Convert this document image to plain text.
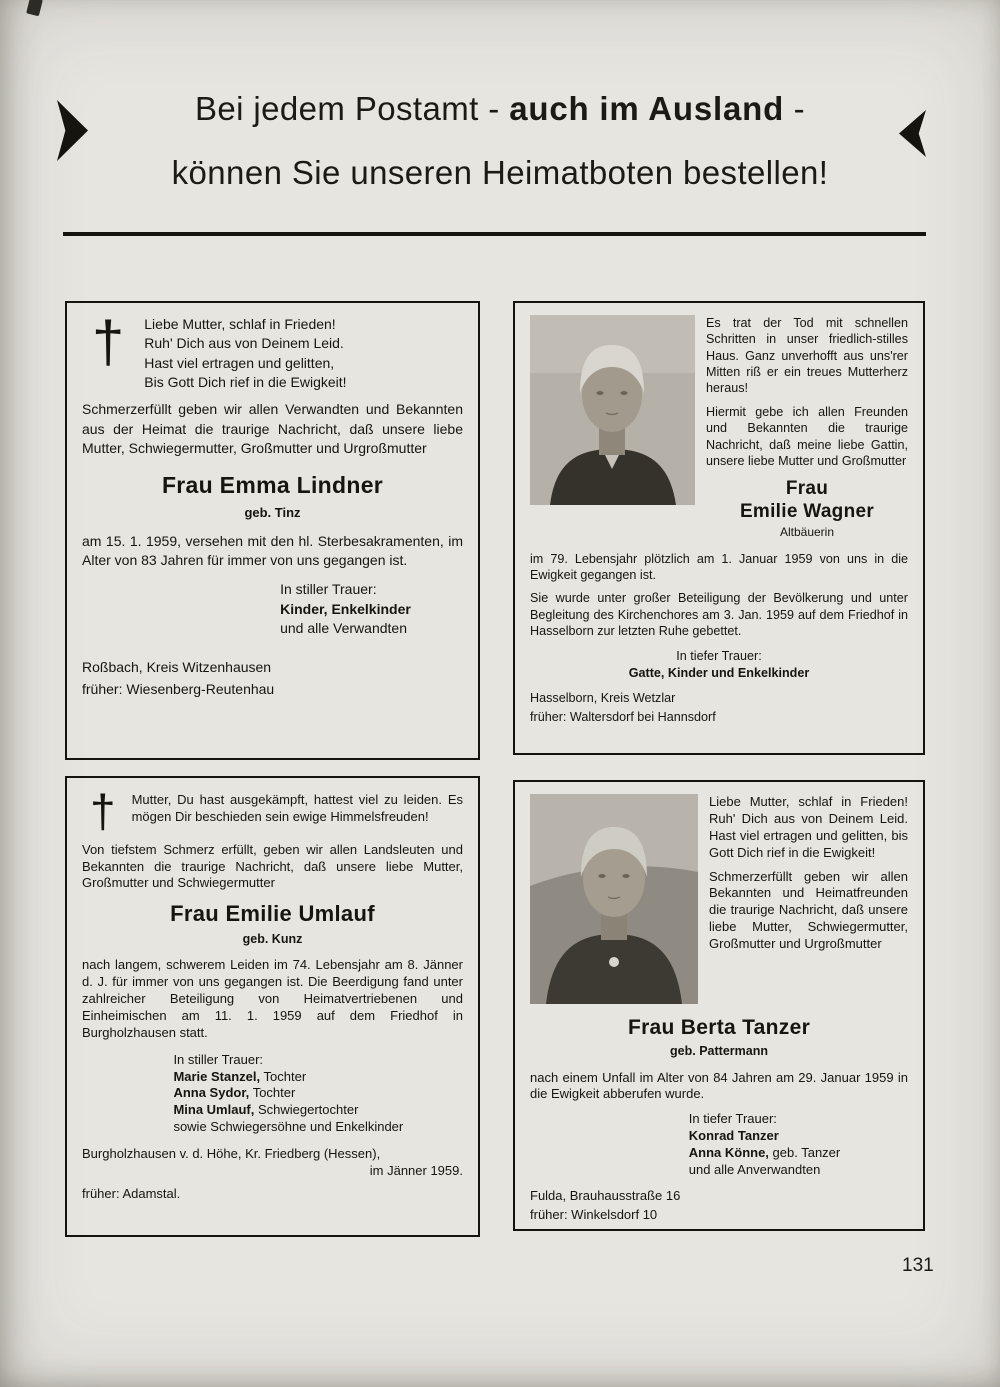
Bei jedem Postamt - auch im Ausland -
können Sie unseren Heimatboten bestellen!
†	Liebe Mutter, schlaf in Frieden!
Ruh' Dich aus von Deinem Leid.
Hast viel ertragen und gelitten,
Bis Gott Dich rief in die Ewigkeit!

Schmerzerfüllt geben wir allen Verwandten und Bekannten aus der Heimat die traurige Nachricht, daß unsere liebe Mutter, Schwiegermutter, Großmutter und Urgroßmutter

Frau Emma Lindner
geb. Tinz

am 15. 1. 1959, versehen mit den hl. Sterbesakramenten, im Alter von 83 Jahren für immer von uns gegangen ist.

In stiller Trauer:
Kinder, Enkelkinder
und alle Verwandten
Roßbach, Kreis Witzenhausen
früher: Wiesenberg-Reutenhau

Es trat der Tod mit schnellen Schritten in unser friedlich-stilles Haus. Ganz unverhofft aus uns'rer Mitten riß er ein treues Mutterherz heraus!

Hiermit gebe ich allen Freunden und Bekannten die traurige Nachricht, daß meine liebe Gattin, unsere liebe Mutter und Großmutter

Frau
Emilie Wagner
Altbäuerin

im 79. Lebensjahr plötzlich am 1. Januar 1959 von uns in die Ewigkeit gegangen ist.

Sie wurde unter großer Beteiligung der Bevölkerung und unter Begleitung des Kirchenchores am 3. Jan. 1959 auf dem Friedhof in Hasselborn zur letzten Ruhe gebettet.

In tiefer Trauer:
Gatte, Kinder und Enkelkinder
Hasselborn, Kreis Wetzlar
früher: Waltersdorf bei Hannsdorf
†	Mutter, Du hast ausgekämpft, hattest viel zu leiden. Es mögen Dir beschieden sein ewige Himmelsfreuden!

Von tiefstem Schmerz erfüllt, geben wir allen Landsleuten und Bekannten die traurige Nachricht, daß unsere liebe Mutter, Großmutter und Schwiegermutter

Frau Emilie Umlauf
geb. Kunz

nach langem, schwerem Leiden im 74. Lebensjahr am 8. Jänner d. J. für immer von uns gegangen ist. Die Beerdigung fand unter zahlreicher Beteiligung von Heimatvertriebenen und Einheimischen am 11. 1. 1959 auf dem Friedhof in Burgholzhausen statt.

In stiller Trauer:
Marie Stanzel, Tochter
Anna Sydor, Tochter
Mina Umlauf, Schwiegertochter
sowie Schwiegersöhne und Enkelkinder
Burgholzhausen v. d. Höhe, Kr. Friedberg (Hessen),
im Jänner 1959.
früher: Adamstal.

Liebe Mutter, schlaf in Frieden! Ruh' Dich aus von Deinem Leid. Hast viel ertragen und gelitten, bis Gott Dich rief in die Ewigkeit!

Schmerzerfüllt geben wir allen Bekannten und Heimatfreunden die traurige Nachricht, daß unsere liebe Mutter, Schwiegermutter, Großmutter und Urgroßmutter

Frau Berta Tanzer
geb. Pattermann

nach einem Unfall im Alter von 84 Jahren am 29. Januar 1959 in die Ewigkeit abberufen wurde.

In tiefer Trauer:
Konrad Tanzer
Anna Könne, geb. Tanzer
und alle Anverwandten
Fulda, Brauhausstraße 16
früher: Winkelsdorf 10
131
